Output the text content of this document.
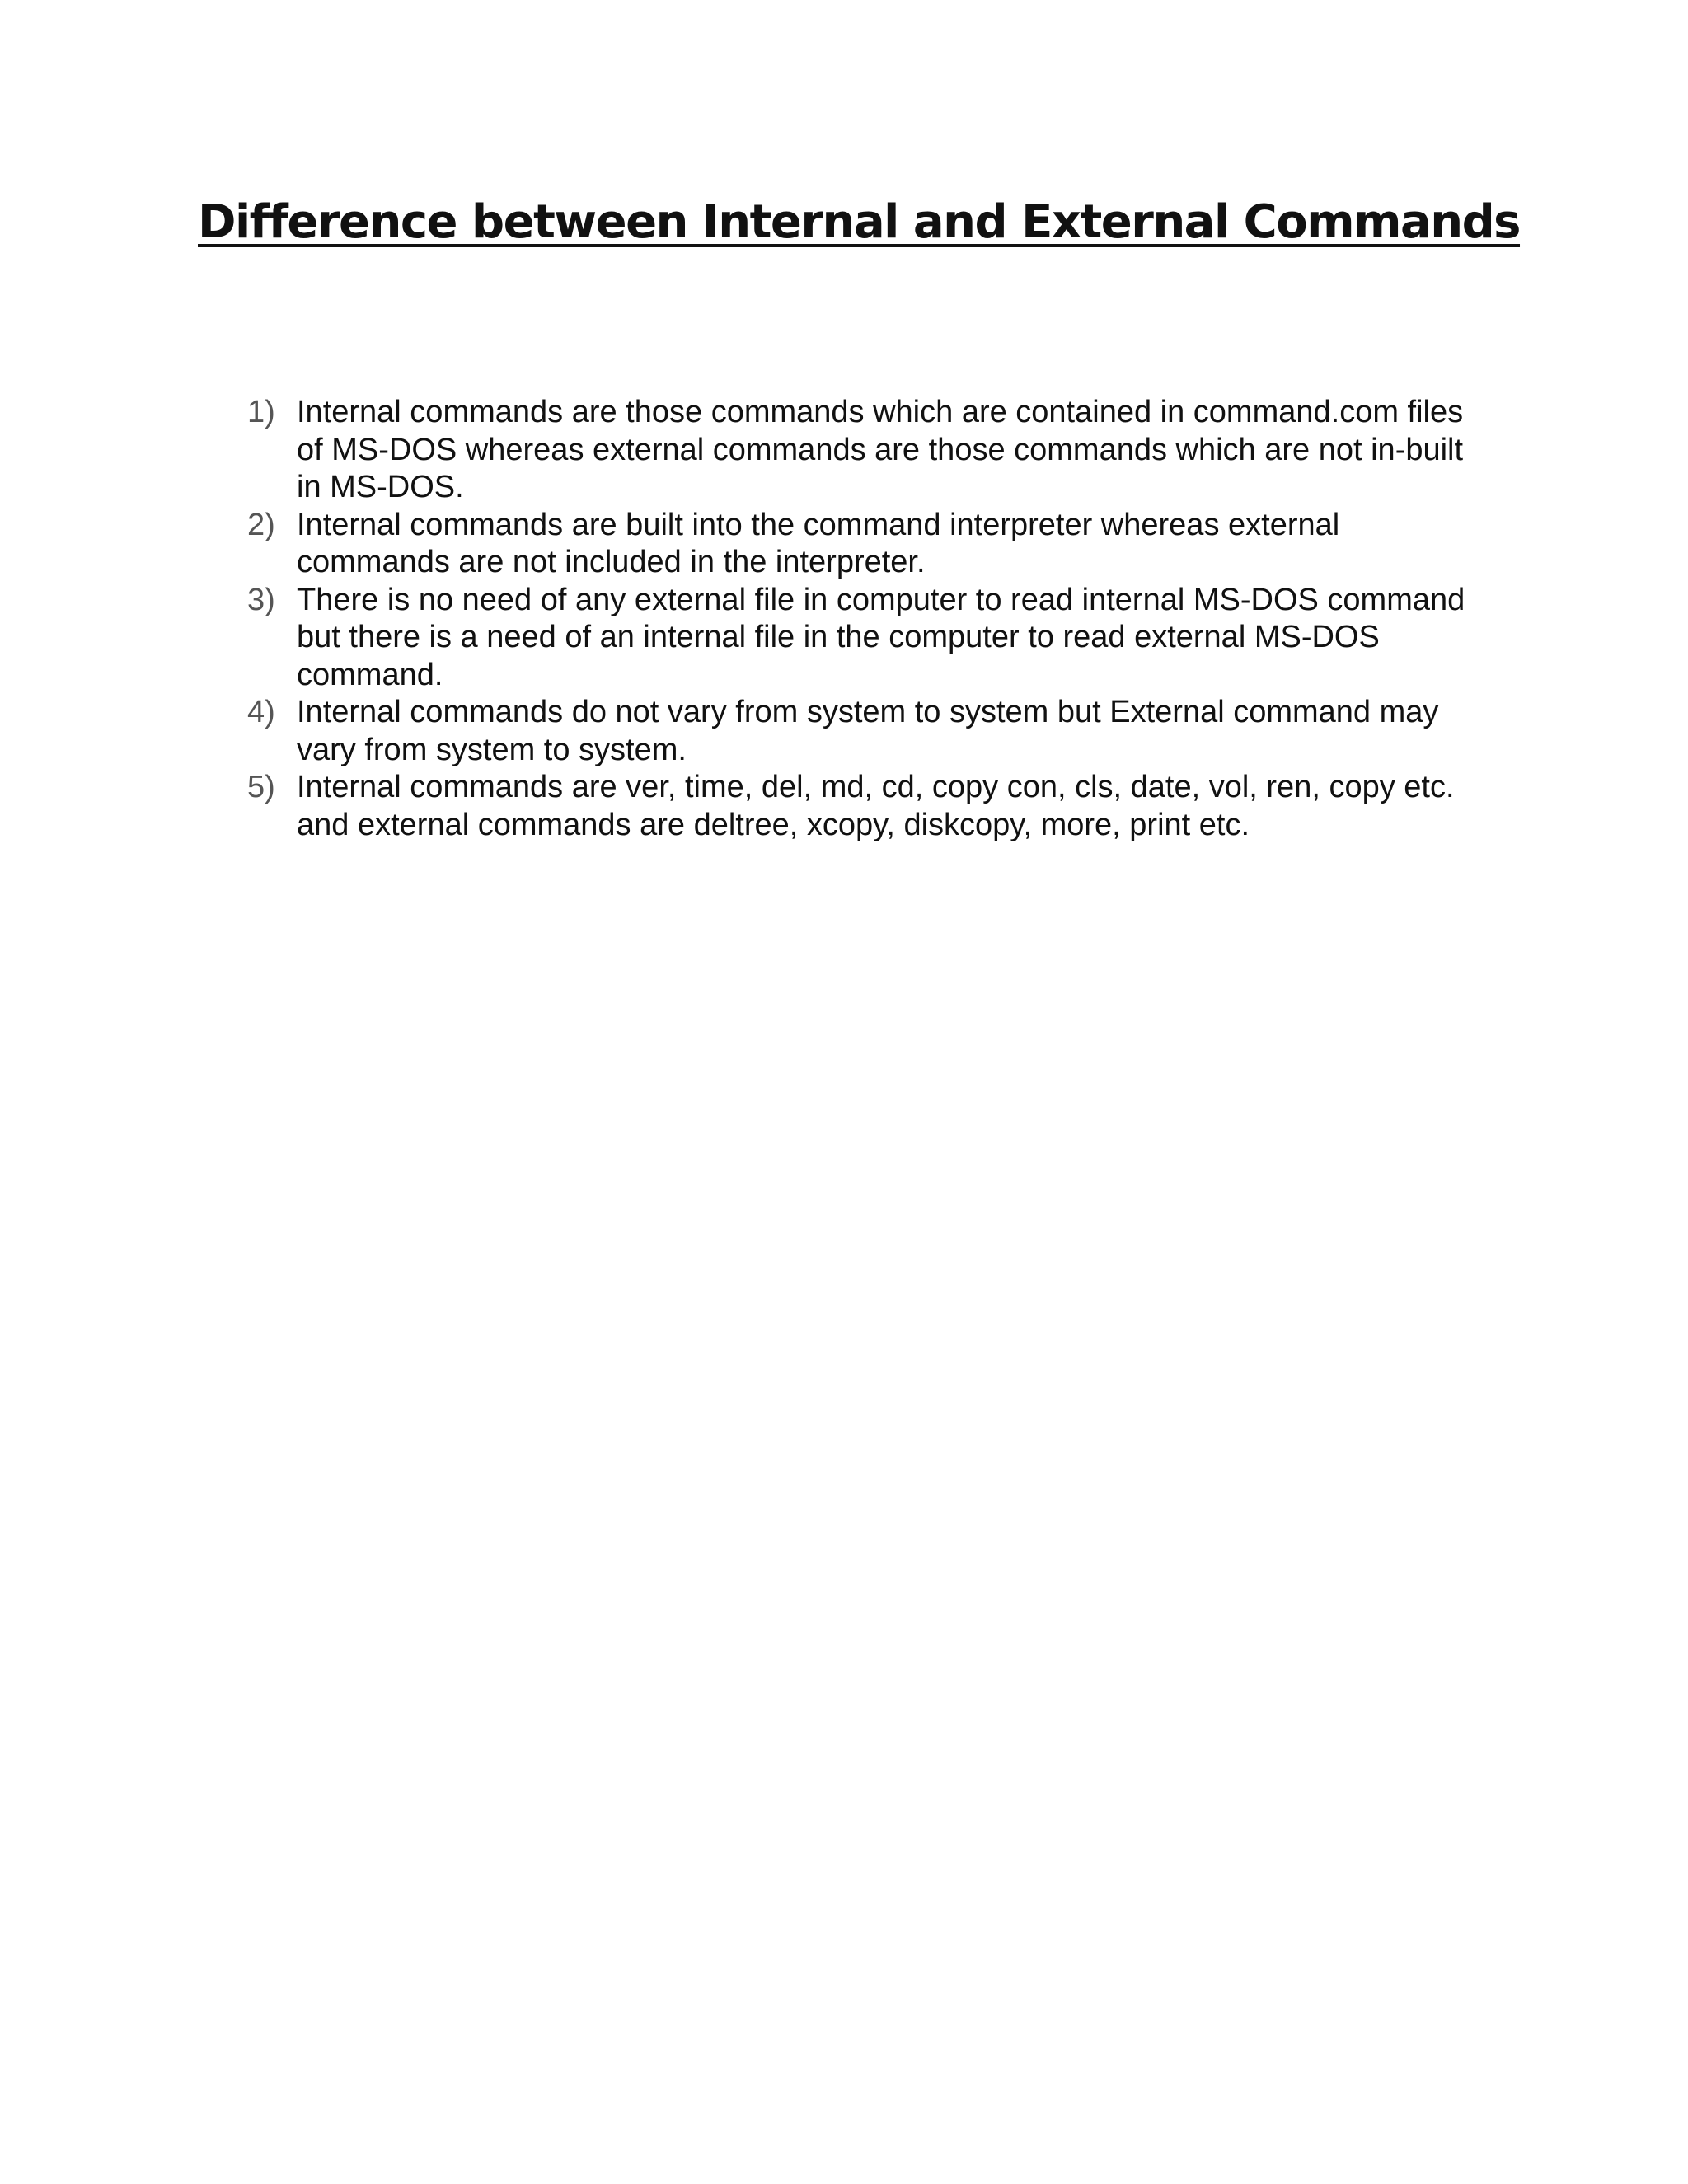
Difference between Internal and External Commands
1) Internal commands are those commands which are contained in command.com files of MS-DOS whereas external commands are those commands which are not in-built in MS-DOS.
2) Internal commands are built into the command interpreter whereas external commands are not included in the interpreter.
3) There is no need of any external file in computer to read internal MS-DOS command but there is a need of an internal file in the computer to read external MS-DOS command.
4) Internal commands do not vary from system to system but External command may vary from system to system.
5) Internal commands are ver, time, del, md, cd, copy con, cls, date, vol, ren, copy etc. and external commands are deltree, xcopy, diskcopy, more, print etc.
